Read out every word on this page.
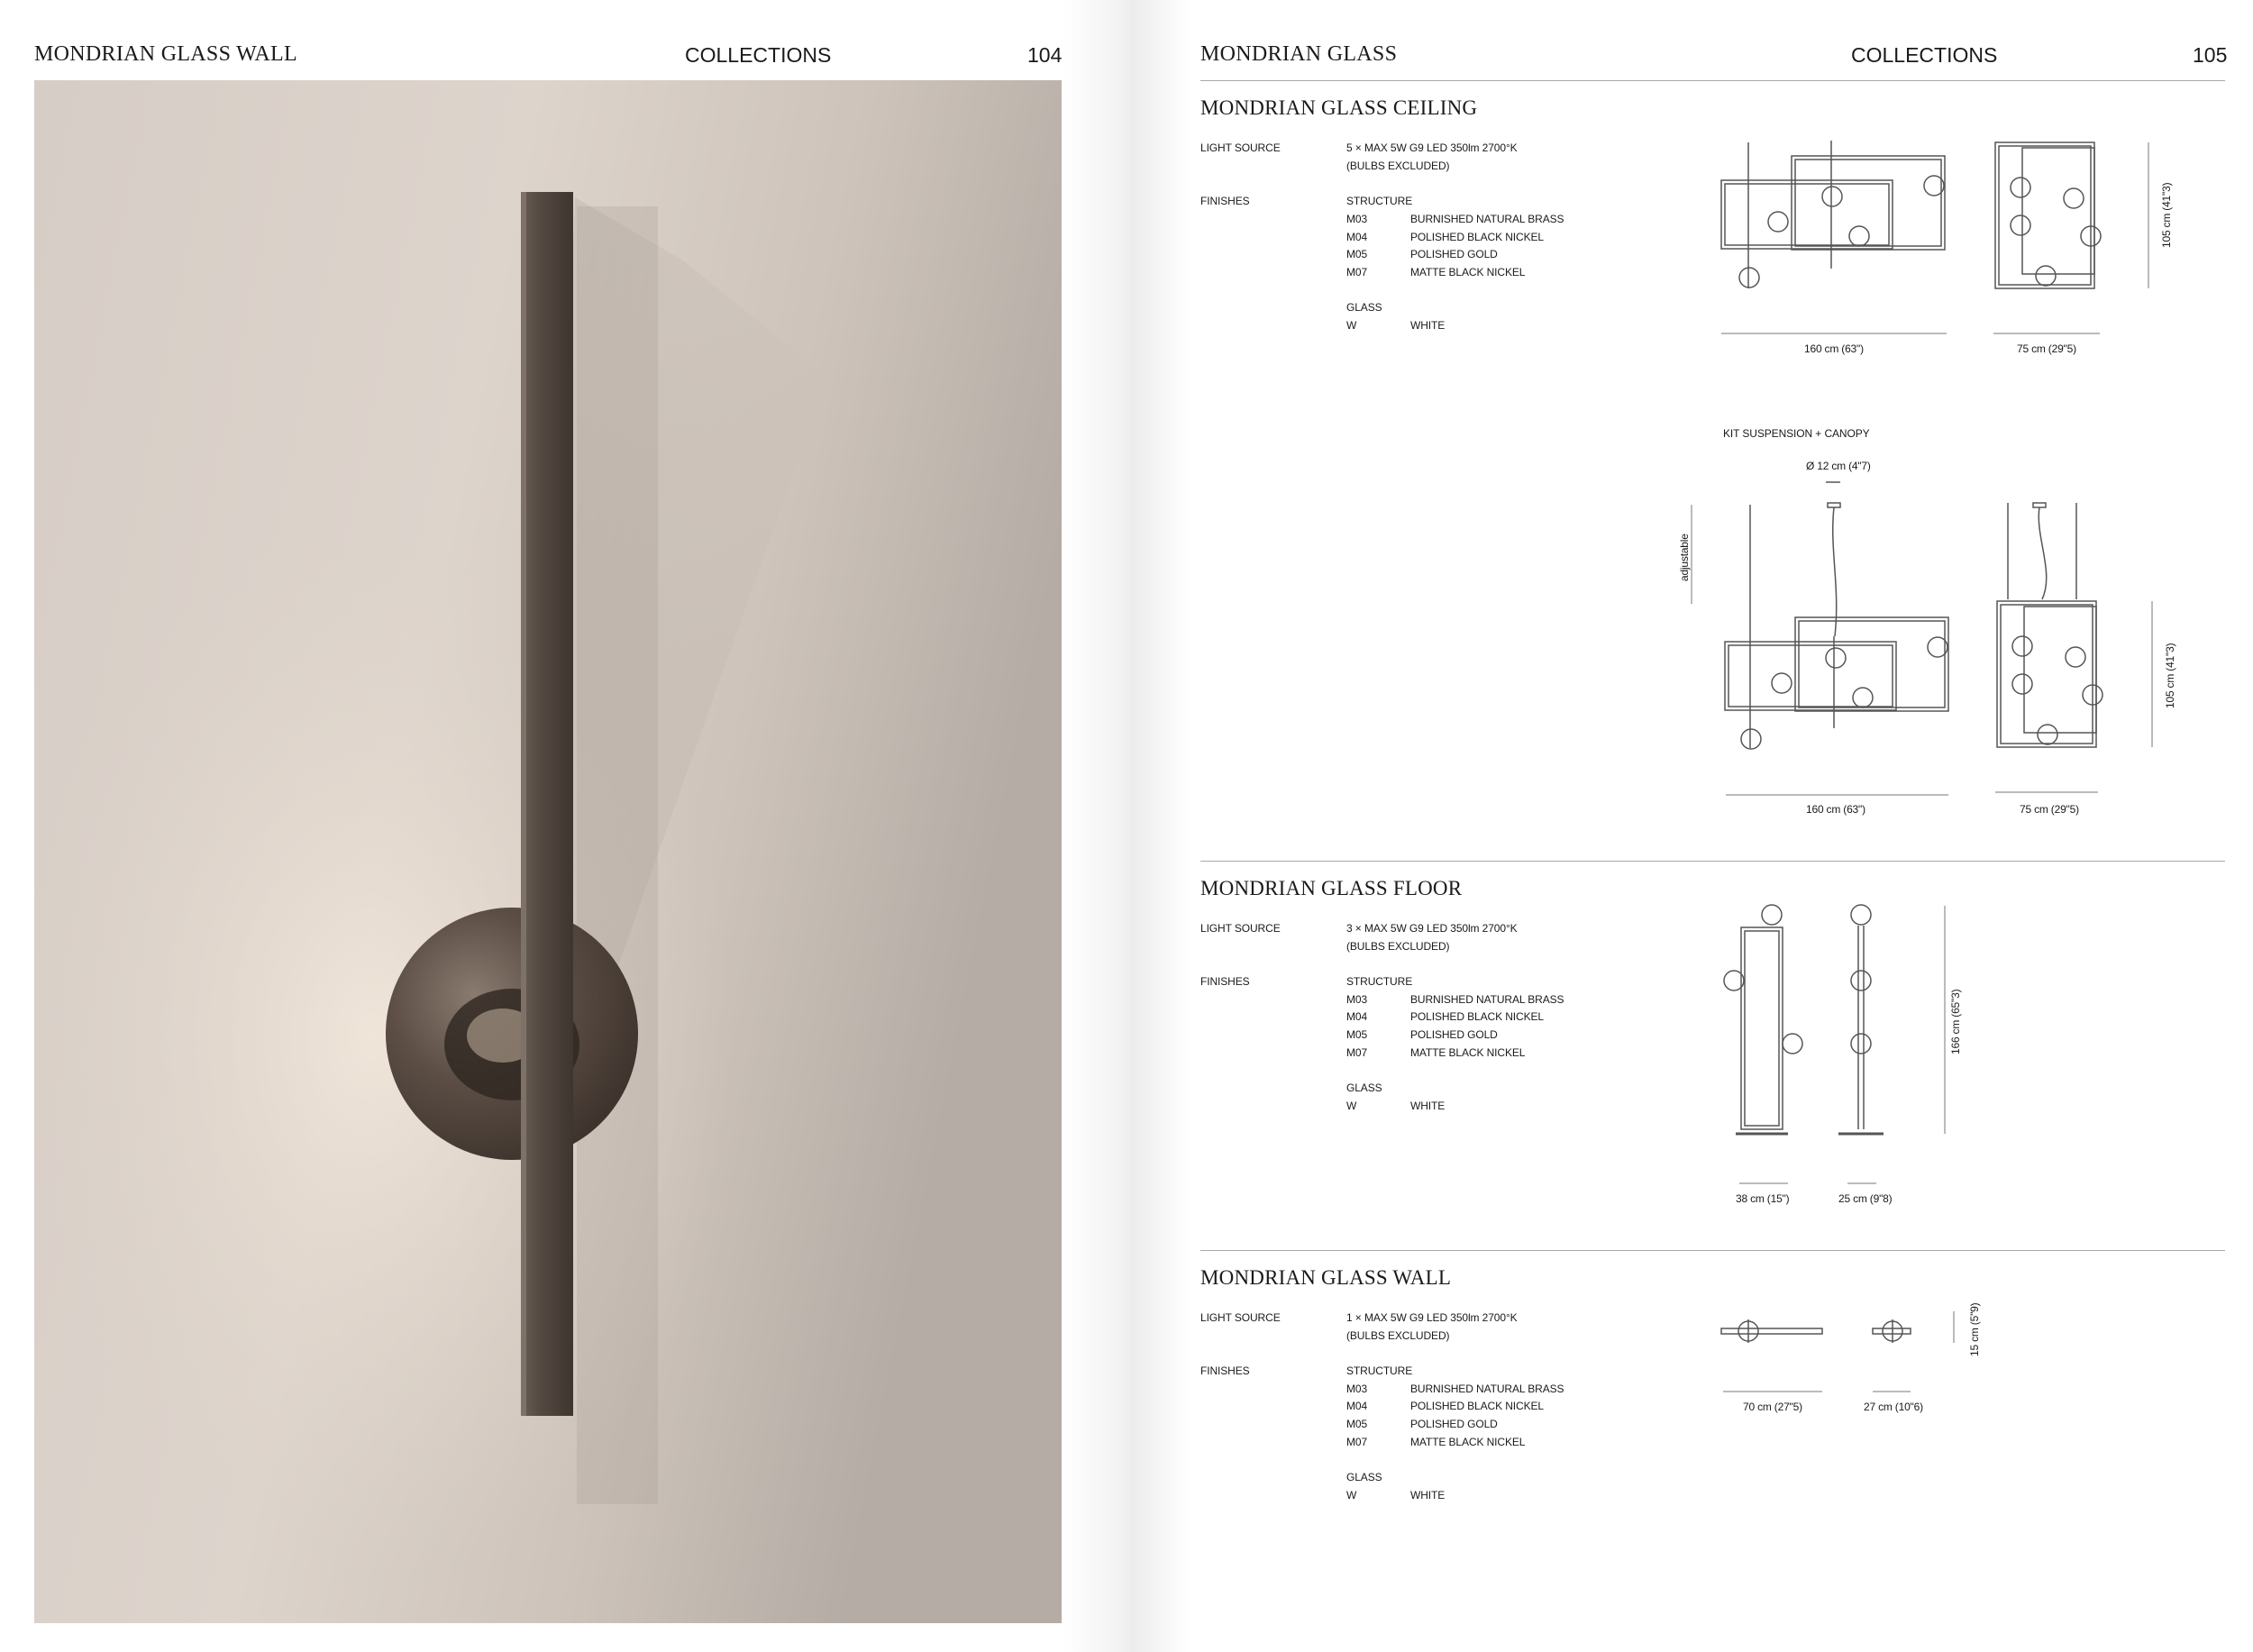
MONDRIAN GLASS WALL	COLLECTIONS	104	MONDRIAN GLASS	COLLECTIONS	105
MONDRIAN GLASS CEILING
LIGHT SOURCE	5 × MAX 5W G9 LED 350lm 2700°K
(BULBS EXCLUDED)
FINISHES	STRUCTURE
M03	BURNISHED NATURAL BRASS
M04	POLISHED BLACK NICKEL
M05	POLISHED GOLD
M07	MATTE BLACK NICKEL
GLASS
W	WHITE
160 cm (63")	75 cm (29"5)
105 cm (41"3)
KIT SUSPENSION + CANOPY
Ø 12 cm (4"7)
adjustable
160 cm (63")	75 cm (29"5)
105 cm (41"3)
MONDRIAN GLASS FLOOR
LIGHT SOURCE	3 × MAX 5W G9 LED 350lm 2700°K
(BULBS EXCLUDED)
FINISHES	STRUCTURE
M03	BURNISHED NATURAL BRASS
M04	POLISHED BLACK NICKEL
M05	POLISHED GOLD
M07	MATTE BLACK NICKEL
GLASS
W	WHITE
38 cm (15")	25 cm (9"8)
166 cm (65"3)
MONDRIAN GLASS WALL
LIGHT SOURCE	1 × MAX 5W G9 LED 350lm 2700°K
(BULBS EXCLUDED)
FINISHES	STRUCTURE
M03	BURNISHED NATURAL BRASS
M04	POLISHED BLACK NICKEL
M05	POLISHED GOLD
M07	MATTE BLACK NICKEL
GLASS
W	WHITE
70 cm (27"5)	27 cm (10"6)
15 cm (5"9)
